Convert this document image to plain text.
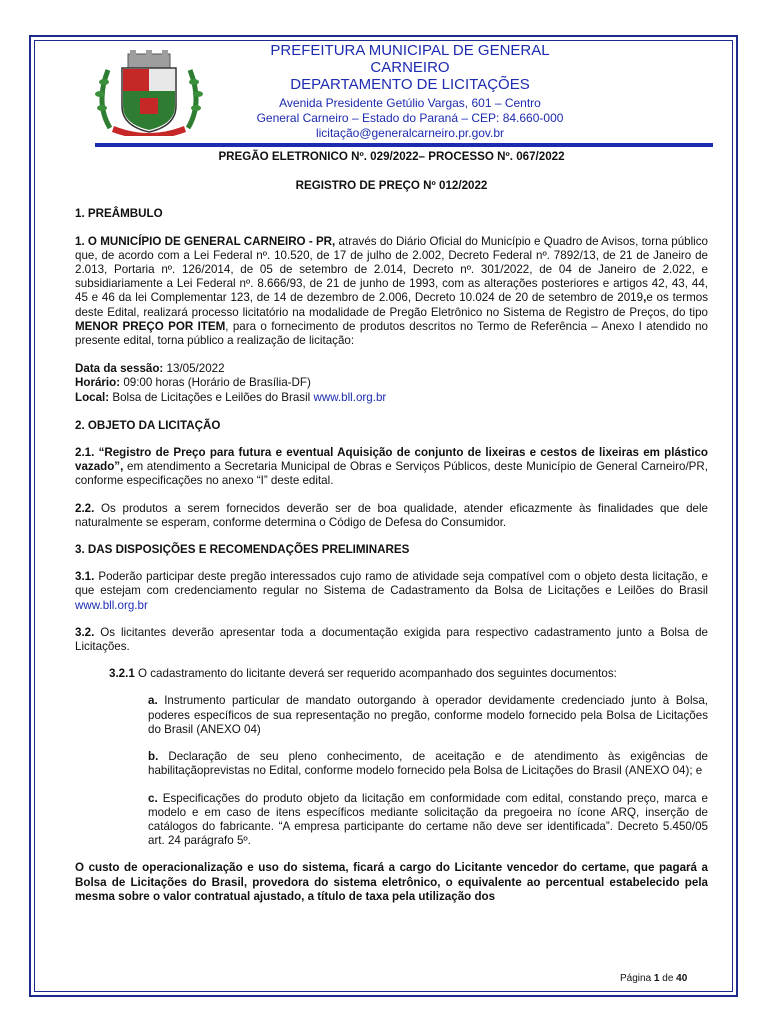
PREFEITURA MUNICIPAL DE GENERAL CARNEIRO
DEPARTAMENTO DE LICITAÇÕES
Avenida Presidente Getúlio Vargas, 601 – Centro
General Carneiro – Estado do Paraná – CEP: 84.660-000
licitação@generalcarneiro.pr.gov.br

PREGÃO ELETRONICO Nº. 029/2022– PROCESSO Nº. 067/2022

REGISTRO DE PREÇO Nº 012/2022

1. PREÂMBULO

1. O MUNICÍPIO DE GENERAL CARNEIRO - PR, através do Diário Oficial do Município e Quadro de Avisos, torna público que, de acordo com a Lei Federal nº. 10.520, de 17 de julho de 2.002, Decreto Federal nº. 7892/13, de 21 de Janeiro de 2.013, Portaria nº. 126/2014, de 05 de setembro de 2.014, Decreto nº. 301/2022, de 04 de Janeiro de 2.022, e subsidiariamente a Lei Federal nº. 8.666/93, de 21 de junho de 1993, com as alterações posteriores e artigos 42, 43, 44, 45 e 46 da lei Complementar 123, de 14 de dezembro de 2.006, Decreto 10.024 de 20 de setembro de 2019,e os termos deste Edital, realizará processo licitatório na modalidade de Pregão Eletrônico no Sistema de Registro de Preços, do tipo MENOR PREÇO POR ITEM, para o fornecimento de produtos descritos no Termo de Referência – Anexo I atendido no presente edital, torna público a realização de licitação:

Data da sessão: 13/05/2022

Horário: 09:00 horas (Horário de Brasília-DF)

Local: Bolsa de Licitações e Leilões do Brasil www.bll.org.br

2. OBJETO DA LICITAÇÃO

2.1. “Registro de Preço para futura e eventual Aquisição de conjunto de lixeiras e cestos de lixeiras em plástico vazado”, em atendimento a Secretaria Municipal de Obras e Serviços Públicos, deste Município de General Carneiro/PR, conforme especificações no anexo “I” deste edital.

2.2. Os produtos a serem fornecidos deverão ser de boa qualidade, atender eficazmente às finalidades que dele naturalmente se esperam, conforme determina o Código de Defesa do Consumidor.

3. DAS DISPOSIÇÕES E RECOMENDAÇÕES PRELIMINARES

3.1. Poderão participar deste pregão interessados cujo ramo de atividade seja compatível com o objeto desta licitação, e que estejam com credenciamento regular no Sistema de Cadastramento da Bolsa de Licitações e Leilões do Brasil www.bll.org.br

3.2. Os licitantes deverão apresentar toda a documentação exigida para respectivo cadastramento junto a Bolsa de Licitações.

3.2.1 O cadastramento do licitante deverá ser requerido acompanhado dos seguintes documentos:

a. Instrumento particular de mandato outorgando à operador devidamente credenciado junto à Bolsa, poderes específicos de sua representação no pregão, conforme modelo fornecido pela Bolsa de Licitações do Brasil (ANEXO 04)

b. Declaração de seu pleno conhecimento, de aceitação e de atendimento às exigências de habilitaçãoprevistas no Edital, conforme modelo fornecido pela Bolsa de Licitações do Brasil (ANEXO 04); e

c. Especificações do produto objeto da licitação em conformidade com edital, constando preço, marca e modelo e em caso de itens específicos mediante solicitação da pregoeira no ícone ARQ, inserção de catálogos do fabricante. “A empresa participante do certame não deve ser identificada”. Decreto 5.450/05 art. 24 parágrafo 5º.

O custo de operacionalização e uso do sistema, ficará a cargo do Licitante vencedor do certame, que pagará a Bolsa de Licitações do Brasil, provedora do sistema eletrônico, o equivalente ao percentual estabelecido pela mesma sobre o valor contratual ajustado, a título de taxa pela utilização dos

Página 1 de 40
